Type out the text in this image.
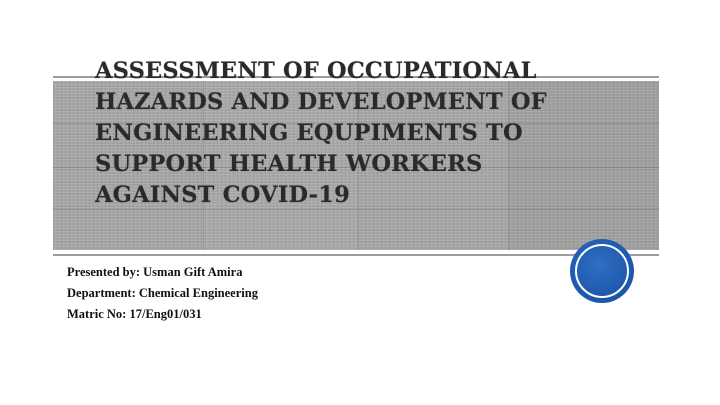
ASSESSMENT OF OCCUPATIONAL
HAZARDS AND DEVELOPMENT OF
ENGINEERING EQUPIMENTS TO
SUPPORT HEALTH WORKERS
AGAINST COVID-19
Presented by: Usman Gift Amira
Department: Chemical Engineering
Matric No: 17/Eng01/031
